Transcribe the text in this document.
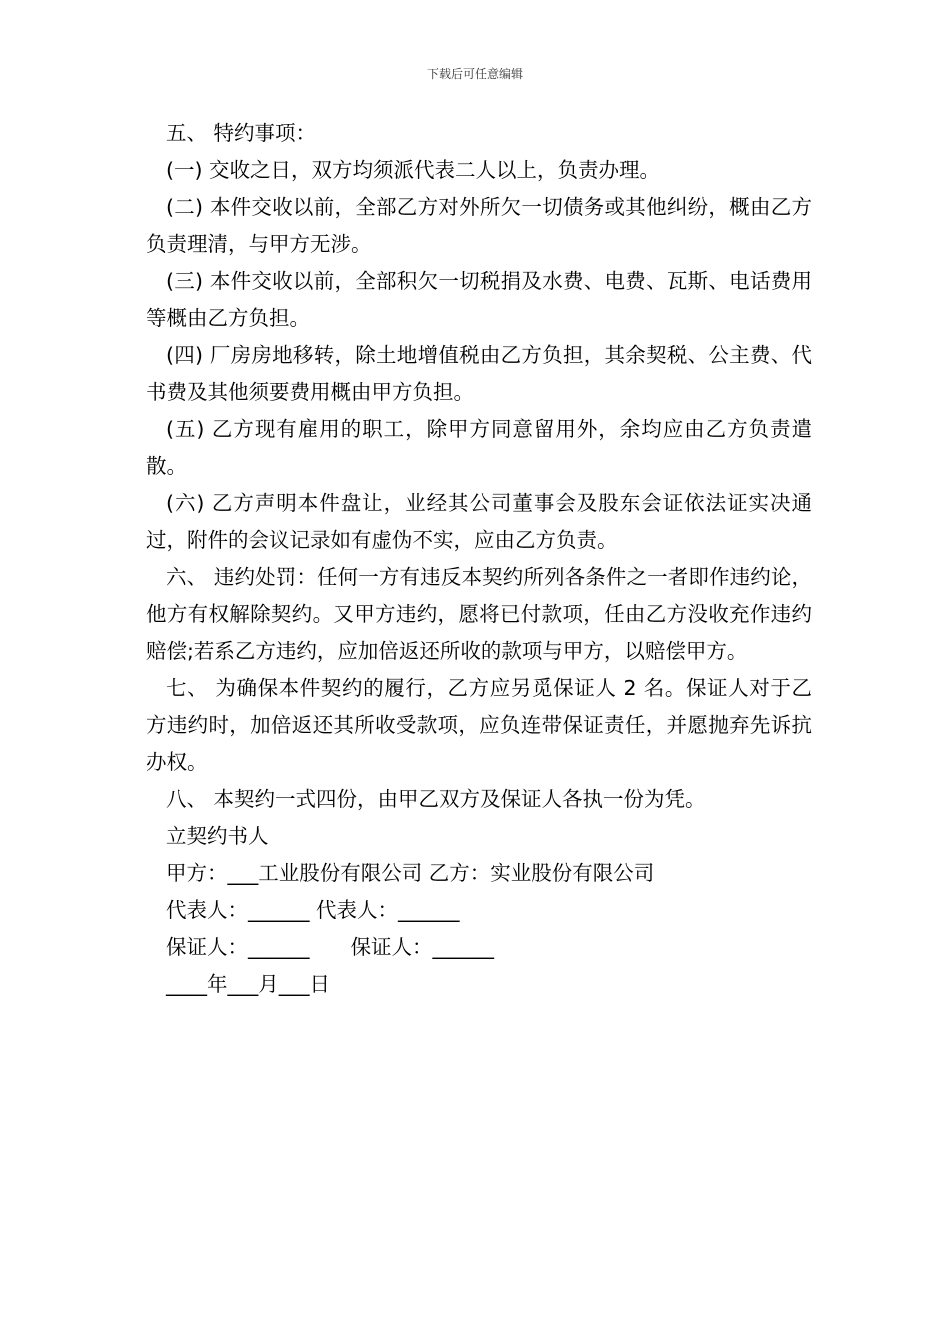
下载后可任意编辑

五、 特约事项：

(一) 交收之日，双方均须派代表二人以上，负责办理。

(二) 本件交收以前，全部乙方对外所欠一切债务或其他纠纷，概由乙方负责理清，与甲方无涉。

(三) 本件交收以前，全部积欠一切税捐及水费、电费、瓦斯、电话费用等概由乙方负担。

(四) 厂房房地移转，除土地增值税由乙方负担，其余契税、公主费、代书费及其他须要费用概由甲方负担。

(五) 乙方现有雇用的职工，除甲方同意留用外，余均应由乙方负责遣散。

(六) 乙方声明本件盘让，业经其公司董事会及股东会证依法证实决通过，附件的会议记录如有虚伪不实，应由乙方负责。

六、 违约处罚：任何一方有违反本契约所列各条件之一者即作违约论，他方有权解除契约。又甲方违约，愿将已付款项，任由乙方没收充作违约赔偿;若系乙方违约，应加倍返还所收的款项与甲方，以赔偿甲方。

七、 为确保本件契约的履行，乙方应另觅保证人 2 名。保证人对于乙方违约时，加倍返还其所收受款项，应负连带保证责任，并愿抛弃先诉抗办权。

八、 本契约一式四份，由甲乙双方及保证人各执一份为凭。

立契约书人

甲方：___工业股份有限公司 乙方：实业股份有限公司

代表人：______ 代表人：______

保证人：______　　保证人：______

____年___月___日
